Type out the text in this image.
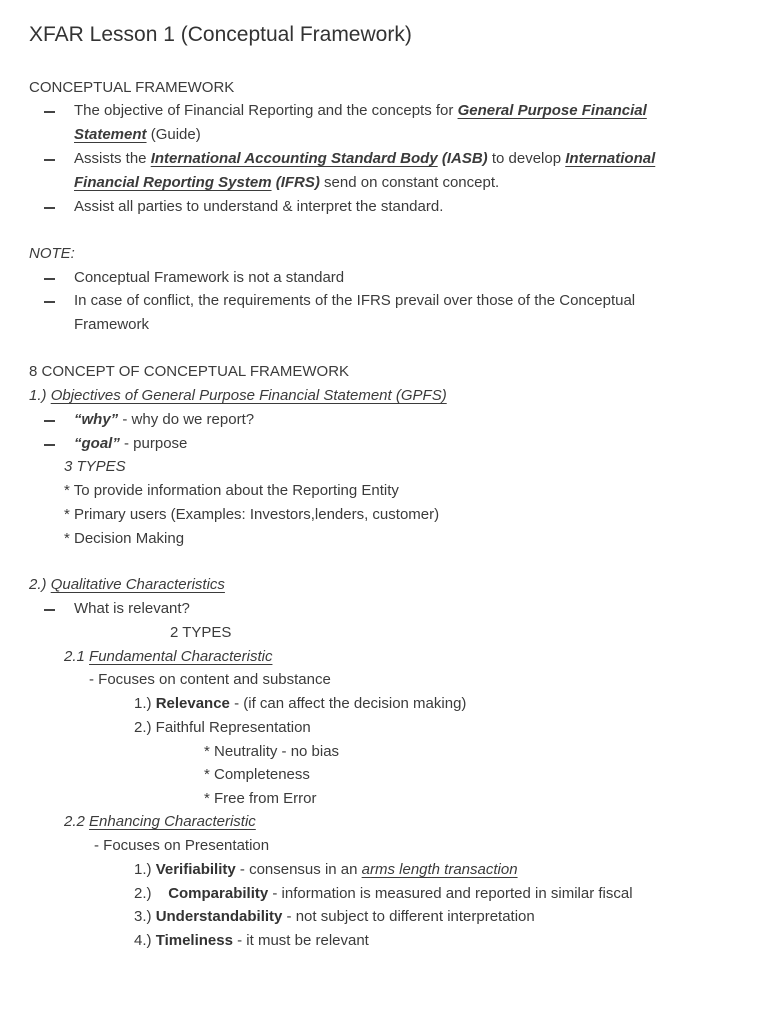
XFAR Lesson 1 (Conceptual Framework)
CONCEPTUAL FRAMEWORK
The objective of Financial Reporting and the concepts for General Purpose Financial
Statement (Guide)
Assists the International Accounting Standard Body (IASB) to develop International
Financial Reporting System (IFRS) send on constant concept.
Assist all parties to understand & interpret the standard.
NOTE:
Conceptual Framework is not a standard
In case of conflict, the requirements of the IFRS prevail over those of the Conceptual
Framework
8 CONCEPT OF CONCEPTUAL FRAMEWORK
1.) Objectives of General Purpose Financial Statement (GPFS)
“why” - why do we report?
“goal” - purpose
3 TYPES
* To provide information about the Reporting Entity
* Primary users (Examples: Investors,lenders, customer)
* Decision Making
2.) Qualitative Characteristics
What is relevant?
2 TYPES
2.1 Fundamental Characteristic
- Focuses on content and substance
1.) Relevance - (if can affect the decision making)
2.) Faithful Representation
* Neutrality - no bias
* Completeness
* Free from Error
2.2 Enhancing Characteristic
- Focuses on Presentation
1.) Verifiability - consensus in an arms length transaction
2.)    Comparability - information is measured and reported in similar fiscal
3.) Understandability - not subject to different interpretation
4.) Timeliness - it must be relevant
